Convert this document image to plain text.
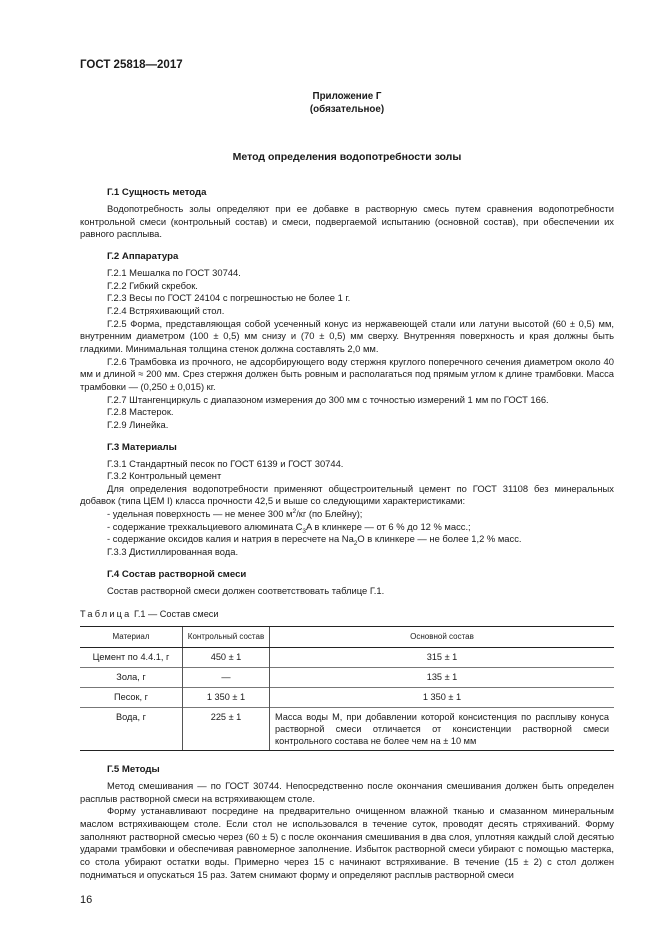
ГОСТ 25818—2017
Приложение Г
(обязательное)
Метод определения водопотребности золы
Г.1 Сущность метода

Водопотребность золы определяют при ее добавке в растворную смесь путем сравнения водопотребности контрольной смеси (контрольный состав) и смеси, подвергаемой испытанию (основной состав), при обеспечении их равного расплыва.

Г.2 Аппаратура

Г.2.1 Мешалка по ГОСТ 30744.

Г.2.2 Гибкий скребок.

Г.2.3 Весы по ГОСТ 24104 с погрешностью не более 1 г.

Г.2.4 Встряхивающий стол.

Г.2.5 Форма, представляющая собой усеченный конус из нержавеющей стали или латуни высотой (60 ± 0,5) мм, внутренним диаметром (100 ± 0,5) мм снизу и (70 ± 0,5) мм сверху. Внутренняя поверхность и края должны быть гладкими. Минимальная толщина стенок должна составлять 2,0 мм.

Г.2.6 Трамбовка из прочного, не адсорбирующего воду стержня круглого поперечного сечения диаметром около 40 мм и длиной ≈ 200 мм. Срез стержня должен быть ровным и располагаться под прямым углом к длине трамбовки. Масса трамбовки — (0,250 ± 0,015) кг.

Г.2.7 Штангенциркуль с диапазоном измерения до 300 мм с точностью измерений 1 мм по ГОСТ 166.

Г.2.8 Мастерок.

Г.2.9 Линейка.

Г.3 Материалы

Г.3.1 Стандартный песок по ГОСТ 6139 и ГОСТ 30744.

Г.3.2 Контрольный цемент

Для определения водопотребности применяют общестроительный цемент по ГОСТ 31108 без минеральных добавок (типа ЦЕМ I) класса прочности 42,5 и выше со следующими характеристиками:

- удельная поверхность — не менее 300 $м^2/кг$ (по Блейну);

- содержание трехкальциевого алюмината $C_3A$ в клинкере — от 6 % до 12 % масс.;

- содержание оксидов калия и натрия в пересчете на $Na_2O$ в клинкере — не более 1,2 % масс.

Г.3.3 Дистиллированная вода.

Г.4 Состав растворной смеси

Состав растворной смеси должен соответствовать таблице Г.1.

Таблица Г.1 — Состав смеси
Материал	Контрольный состав	Основной состав
Цемент по 4.4.1, г	450 ± 1	315 ± 1
Зола, г	—	135 ± 1
Песок, г	1 350 ± 1	1 350 ± 1
Вода, г	225 ± 1	Масса воды M, при добавлении которой консистенция по расплыву конуса растворной смеси отличается от консистенции растворной смеси контрольного состава не более чем на ± 10 мм
Г.5 Методы

Метод смешивания — по ГОСТ 30744. Непосредственно после окончания смешивания должен быть определен расплыв растворной смеси на встряхивающем столе.

Форму устанавливают посредине на предварительно очищенном влажной тканью и смазанном минеральным маслом встряхивающем столе. Если стол не использовался в течение суток, проводят десять стряхиваний. Форму заполняют растворной смесью через (60 ± 5) с после окончания смешивания в два слоя, уплотняя каждый слой десятью ударами трамбовки и обеспечивая равномерное заполнение. Избыток растворной смеси убирают с помощью мастерка, со стола убирают остатки воды. Примерно через 15 с начинают встряхивание. В течение (15 ± 2) с стол должен подниматься и опускаться 15 раз. Затем снимают форму и определяют расплыв растворной смеси

16
